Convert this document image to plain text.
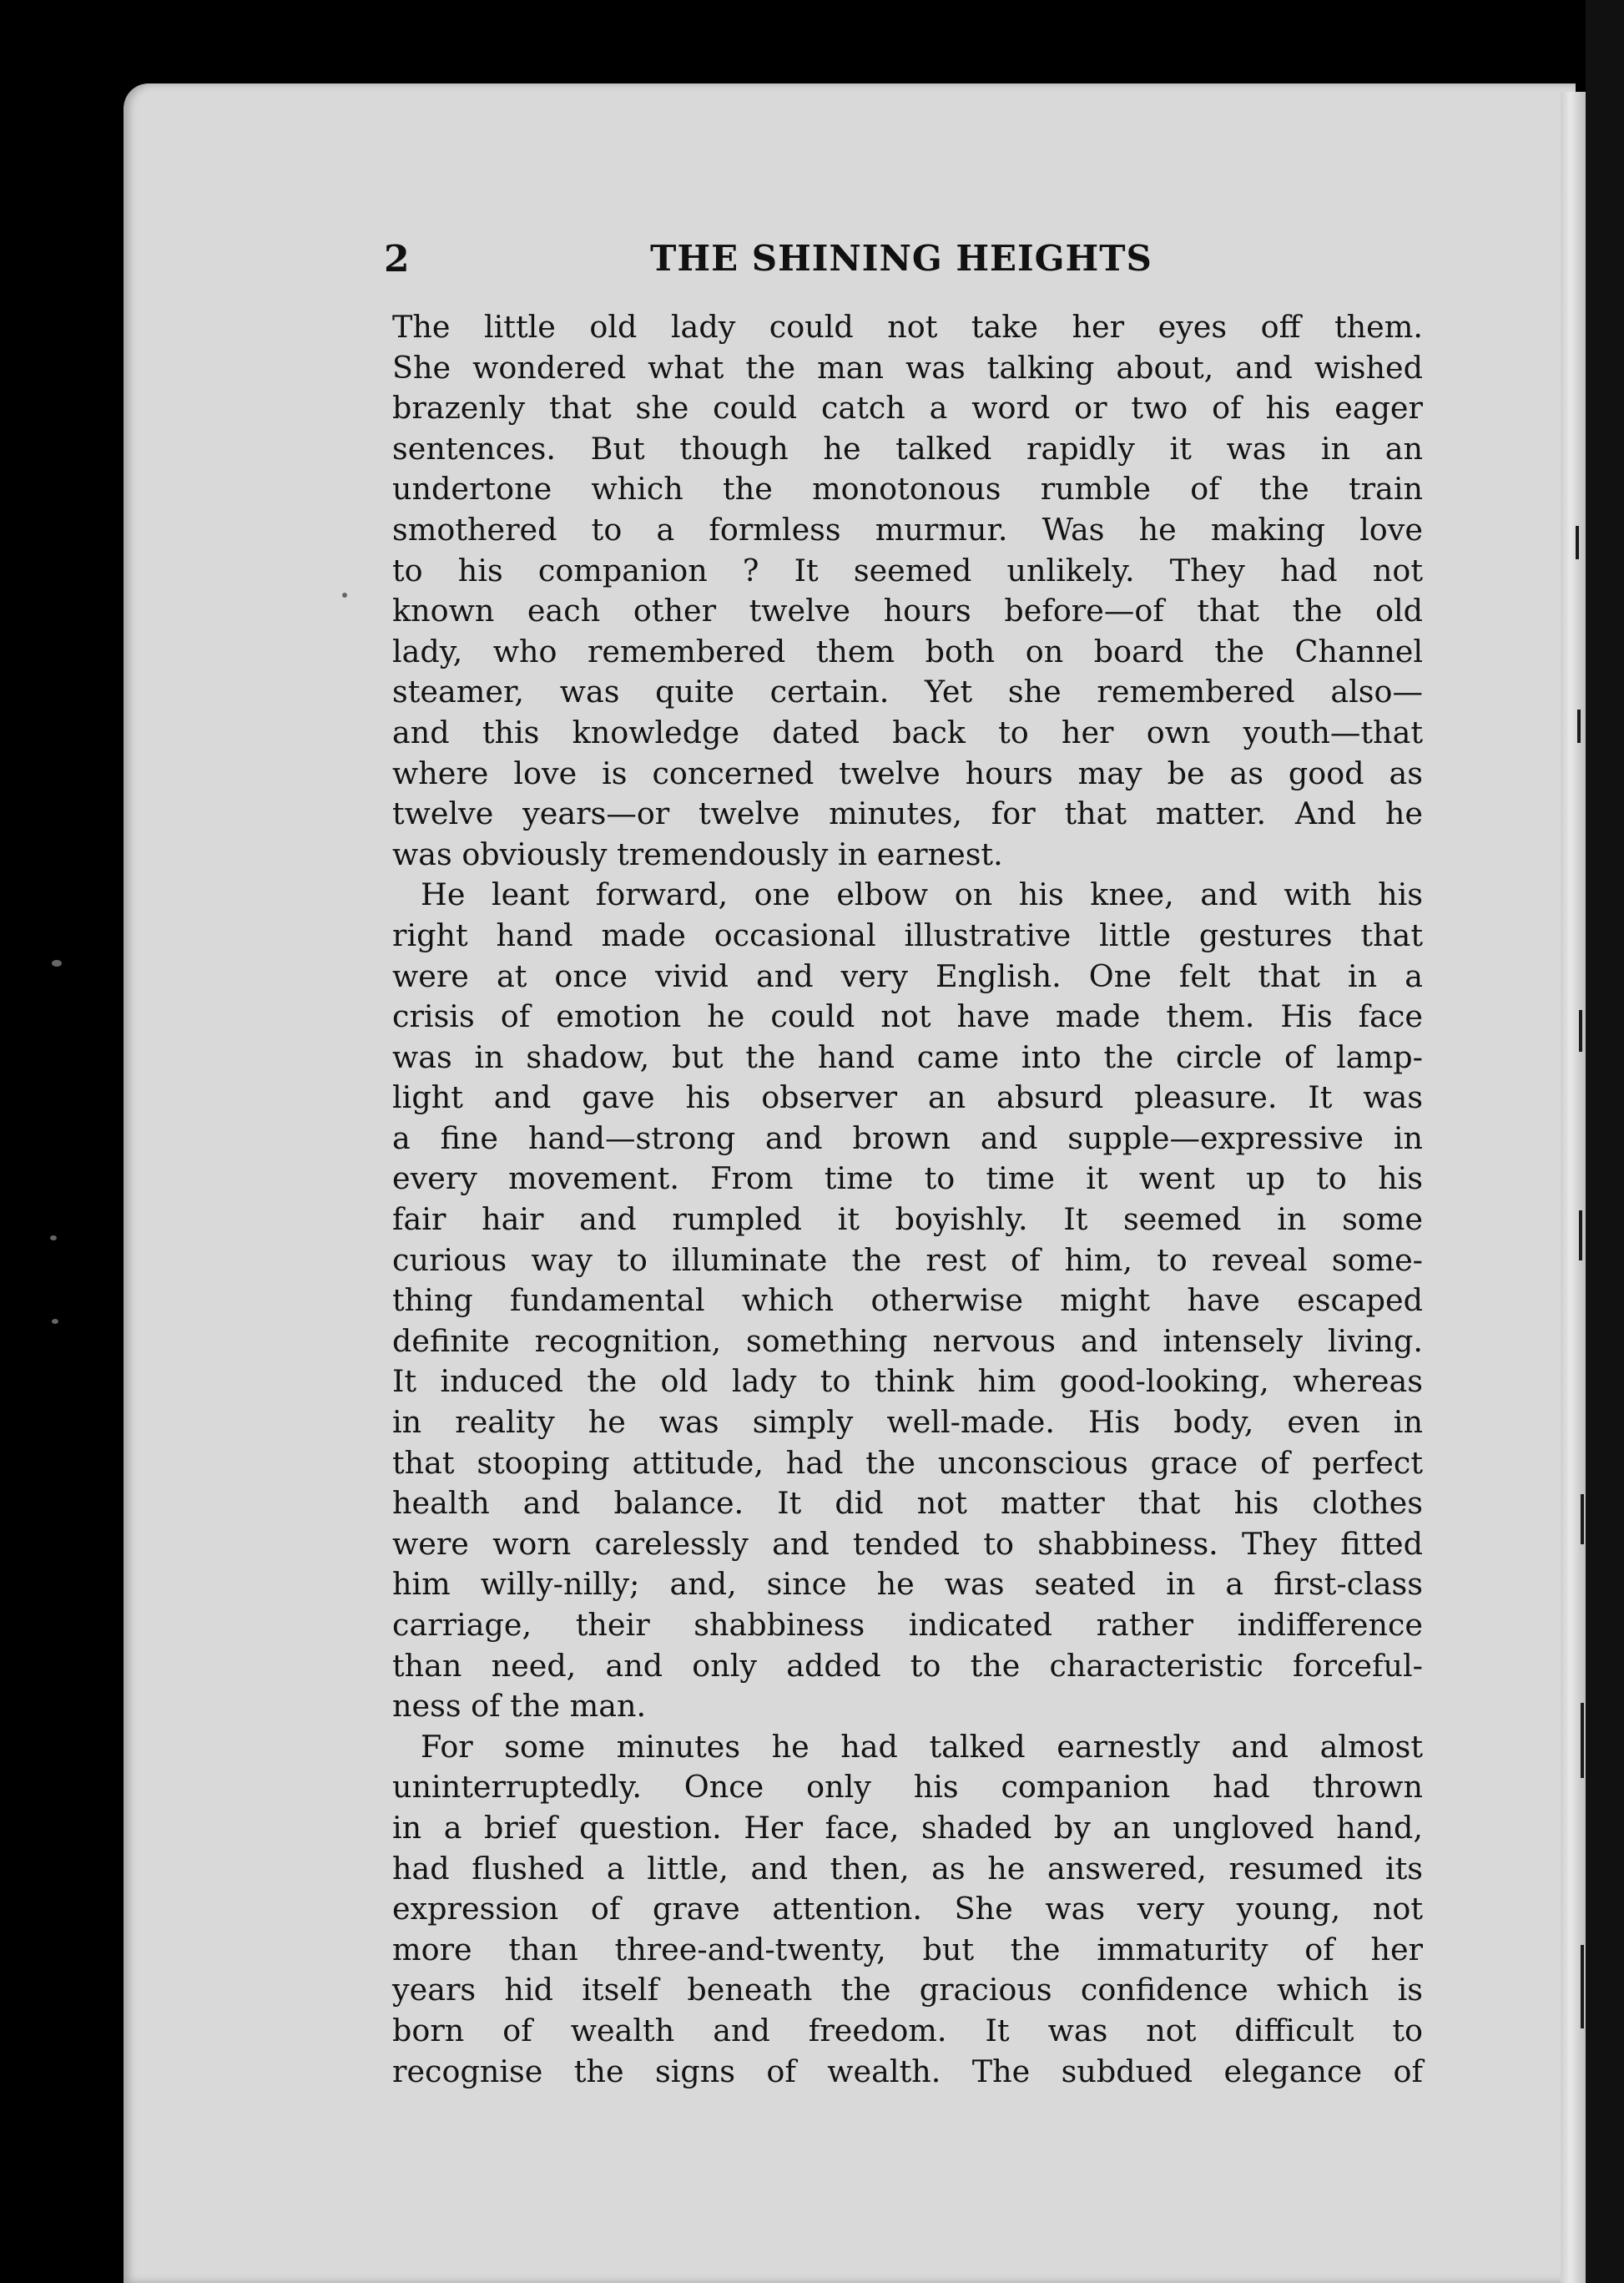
2	THE SHINING HEIGHTS
The little old lady could not take her eyes off them.
She wondered what the man was talking about, and wished
brazenly that she could catch a word or two of his eager
sentences. But though he talked rapidly it was in an
undertone which the monotonous rumble of the train
smothered to a formless murmur. Was he making love
to his companion ? It seemed unlikely. They had not
known each other twelve hours before—of that the old
lady, who remembered them both on board the Channel
steamer, was quite certain. Yet she remembered also—
and this knowledge dated back to her own youth—that
where love is concerned twelve hours may be as good as
twelve years—or twelve minutes, for that matter. And he
was obviously tremendously in earnest.
He leant forward, one elbow on his knee, and with his
right hand made occasional illustrative little gestures that
were at once vivid and very English. One felt that in a
crisis of emotion he could not have made them. His face
was in shadow, but the hand came into the circle of lamp-
light and gave his observer an absurd pleasure. It was
a fine hand—strong and brown and supple—expressive in
every movement. From time to time it went up to his
fair hair and rumpled it boyishly. It seemed in some
curious way to illuminate the rest of him, to reveal some-
thing fundamental which otherwise might have escaped
definite recognition, something nervous and intensely living.
It induced the old lady to think him good-looking, whereas
in reality he was simply well-made. His body, even in
that stooping attitude, had the unconscious grace of perfect
health and balance. It did not matter that his clothes
were worn carelessly and tended to shabbiness. They fitted
him willy-nilly; and, since he was seated in a first-class
carriage, their shabbiness indicated rather indifference
than need, and only added to the characteristic forceful-
ness of the man.
For some minutes he had talked earnestly and almost
uninterruptedly. Once only his companion had thrown
in a brief question. Her face, shaded by an ungloved hand,
had flushed a little, and then, as he answered, resumed its
expression of grave attention. She was very young, not
more than three-and-twenty, but the immaturity of her
years hid itself beneath the gracious confidence which is
born of wealth and freedom. It was not difficult to
recognise the signs of wealth. The subdued elegance of
